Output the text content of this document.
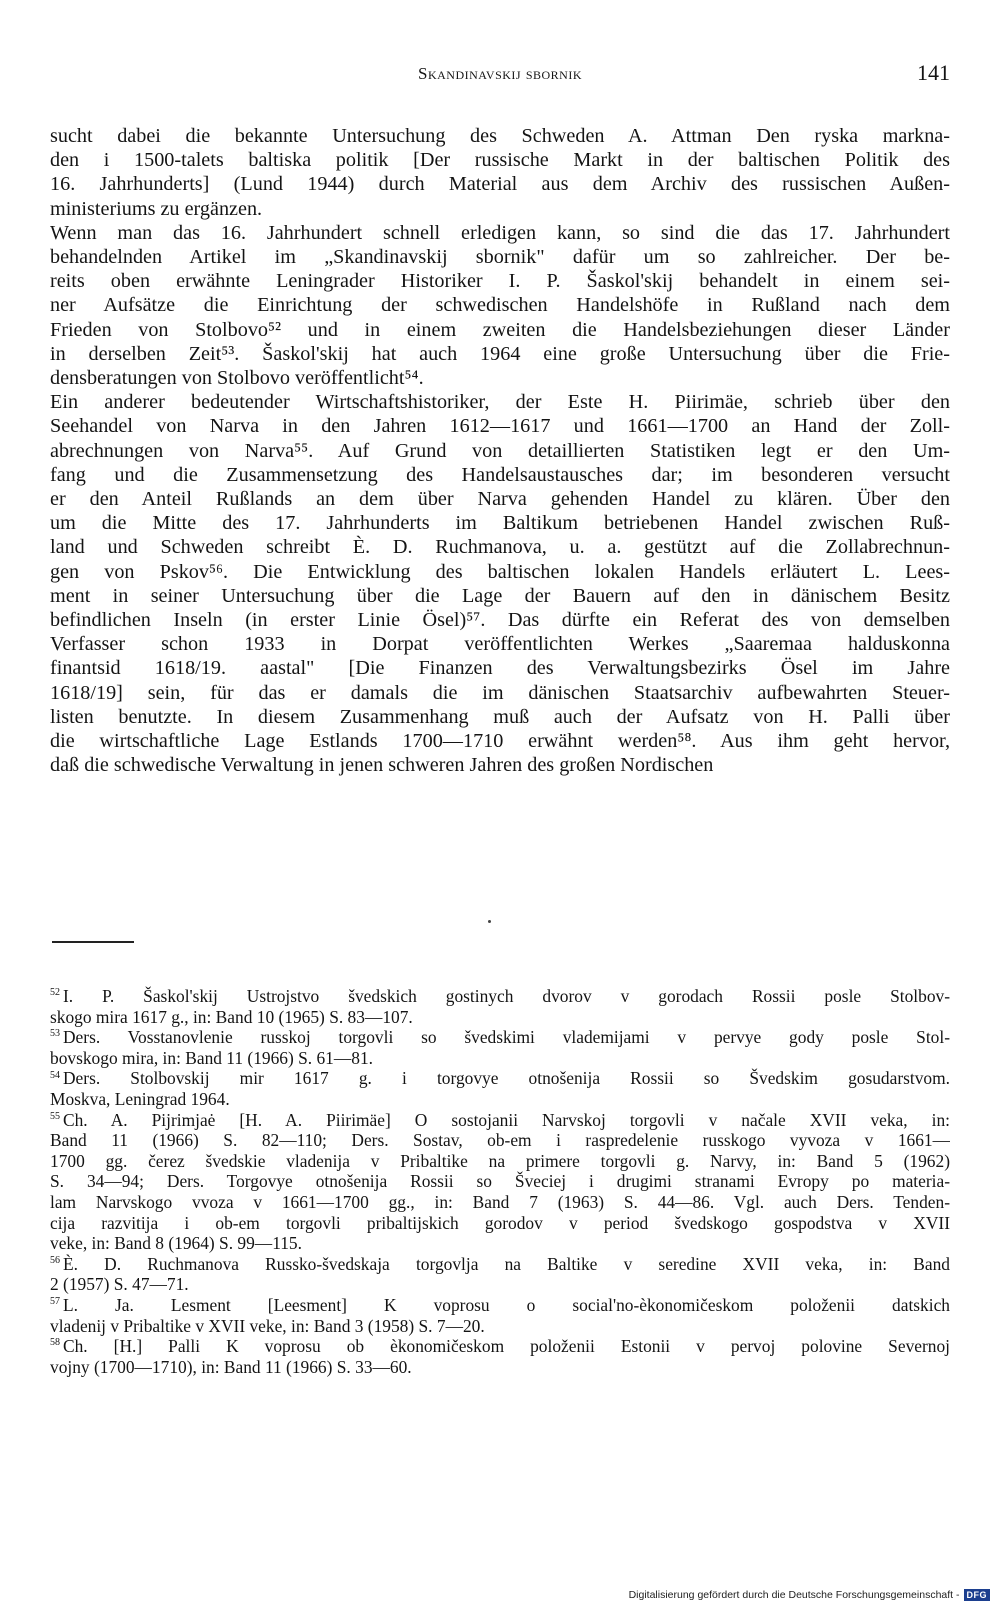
Skandinavskij sbornik	141
sucht dabei die bekannte Untersuchung des Schweden A. Attman Den ryska markna-
den i 1500-talets baltiska politik [Der russische Markt in der baltischen Politik des
16. Jahrhunderts] (Lund 1944) durch Material aus dem Archiv des russischen Außen-
ministeriums zu ergänzen.
Wenn man das 16. Jahrhundert schnell erledigen kann, so sind die das 17. Jahrhundert
behandelnden Artikel im „Skandinavskij sbornik" dafür um so zahlreicher. Der be-
reits oben erwähnte Leningrader Historiker I. P. Šaskol'skij behandelt in einem sei-
ner Aufsätze die Einrichtung der schwedischen Handelshöfe in Rußland nach dem
Frieden von Stolbovo⁵² und in einem zweiten die Handelsbeziehungen dieser Länder
in derselben Zeit⁵³. Šaskol'skij hat auch 1964 eine große Untersuchung über die Frie-
densberatungen von Stolbovo veröffentlicht⁵⁴.
Ein anderer bedeutender Wirtschaftshistoriker, der Este H. Piirimäe, schrieb über den
Seehandel von Narva in den Jahren 1612—1617 und 1661—1700 an Hand der Zoll-
abrechnungen von Narva⁵⁵. Auf Grund von detaillierten Statistiken legt er den Um-
fang und die Zusammensetzung des Handelsaustausches dar; im besonderen versucht
er den Anteil Rußlands an dem über Narva gehenden Handel zu klären. Über den
um die Mitte des 17. Jahrhunderts im Baltikum betriebenen Handel zwischen Ruß-
land und Schweden schreibt È. D. Ruchmanova, u. a. gestützt auf die Zollabrechnun-
gen von Pskov⁵⁶. Die Entwicklung des baltischen lokalen Handels erläutert L. Lees-
ment in seiner Untersuchung über die Lage der Bauern auf den in dänischem Besitz
befindlichen Inseln (in erster Linie Ösel)⁵⁷. Das dürfte ein Referat des von demselben
Verfasser schon 1933 in Dorpat veröffentlichten Werkes „Saaremaa halduskonna
finantsid 1618/19. aastal" [Die Finanzen des Verwaltungsbezirks Ösel im Jahre
1618/19] sein, für das er damals die im dänischen Staatsarchiv aufbewahrten Steuer-
listen benutzte. In diesem Zusammenhang muß auch der Aufsatz von H. Palli über
die wirtschaftliche Lage Estlands 1700—1710 erwähnt werden⁵⁸. Aus ihm geht hervor,
daß die schwedische Verwaltung in jenen schweren Jahren des großen Nordischen
$^{52}$ I. P. Šaskol'skij Ustrojstvo švedskich gostinych dvorov v gorodach Rossii posle Stolbov-
skogo mira 1617 g., in: Band 10 (1965) S. 83—107.
$^{53}$ Ders. Vosstanovlenie russkoj torgovli so švedskimi vlademijami v pervye gody posle Stol-
bovskogo mira, in: Band 11 (1966) S. 61—81.
$^{54}$ Ders. Stolbovskij mir 1617 g. i torgovye otnošenija Rossii so Švedskim gosudarstvom.
Moskva, Leningrad 1964.
$^{55}$ Ch. A. Pijrimjaė [H. A. Piirimäe] O sostojanii Narvskoj torgovli v načale XVII veka, in:
Band 11 (1966) S. 82—110; Ders. Sostav, ob-em i raspredelenie russkogo vyvoza v 1661—
1700 gg. čerez švedskie vladenija v Pribaltike na primere torgovli g. Narvy, in: Band 5 (1962)
S. 34—94; Ders. Torgovye otnošenija Rossii so Šveciej i drugimi stranami Evropy po materia-
lam Narvskogo vvoza v 1661—1700 gg., in: Band 7 (1963) S. 44—86. Vgl. auch Ders. Tenden-
cija razvitija i ob-em torgovli pribaltijskich gorodov v period švedskogo gospodstva v XVII
veke, in: Band 8 (1964) S. 99—115.
$^{56}$ È. D. Ruchmanova Russko-švedskaja torgovlja na Baltike v seredine XVII veka, in: Band
2 (1957) S. 47—71.
$^{57}$ L. Ja. Lesment [Leesment] K voprosu o social'no-èkonomičeskom položenii datskich
vladenij v Pribaltike v XVII veke, in: Band 3 (1958) S. 7—20.
$^{58}$ Ch. [H.] Palli K voprosu ob èkonomičeskom položenii Estonii v pervoj polovine Severnoj
vojny (1700—1710), in: Band 11 (1966) S. 33—60.
Digitalisierung gefördert durch die Deutsche Forschungsgemeinschaft - DFG
